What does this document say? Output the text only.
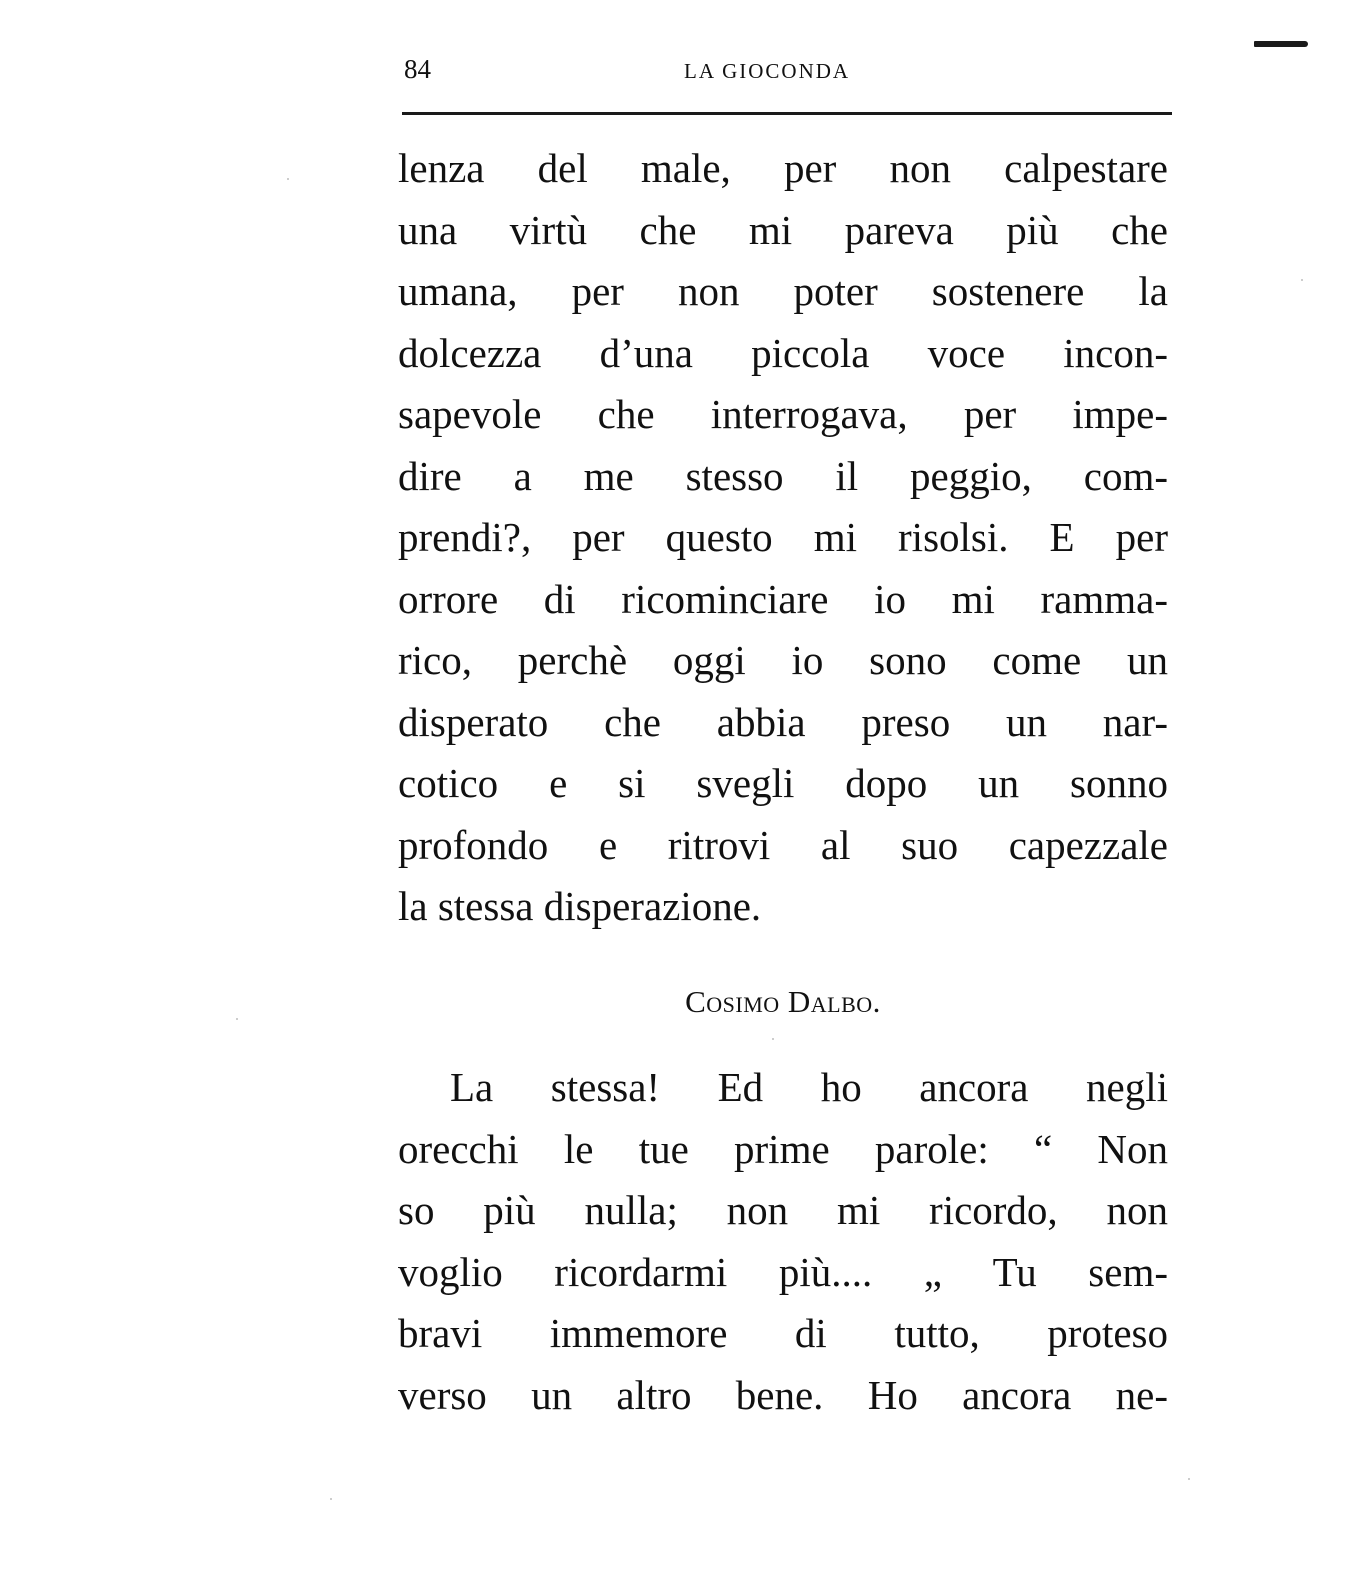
84	LA GIOCONDA
lenza del male, per non calpestare
una virtù che mi pareva più che
umana, per non poter sostenere la
dolcezza d’una piccola voce incon-
sapevole che interrogava, per impe-
dire a me stesso il peggio, com-
prendi?, per questo mi risolsi. E per
orrore di ricominciare io mi ramma-
rico, perchè oggi io sono come un
disperato che abbia preso un nar-
cotico e si svegli dopo un sonno
profondo e ritrovi al suo capezzale
la stessa disperazione.
Cosimo Dalbo.
La stessa! Ed ho ancora negli
orecchi le tue prime parole: “ Non
so più nulla; non mi ricordo, non
voglio ricordarmi più.... „ Tu sem-
bravi immemore di tutto, proteso
verso un altro bene. Ho ancora ne-
